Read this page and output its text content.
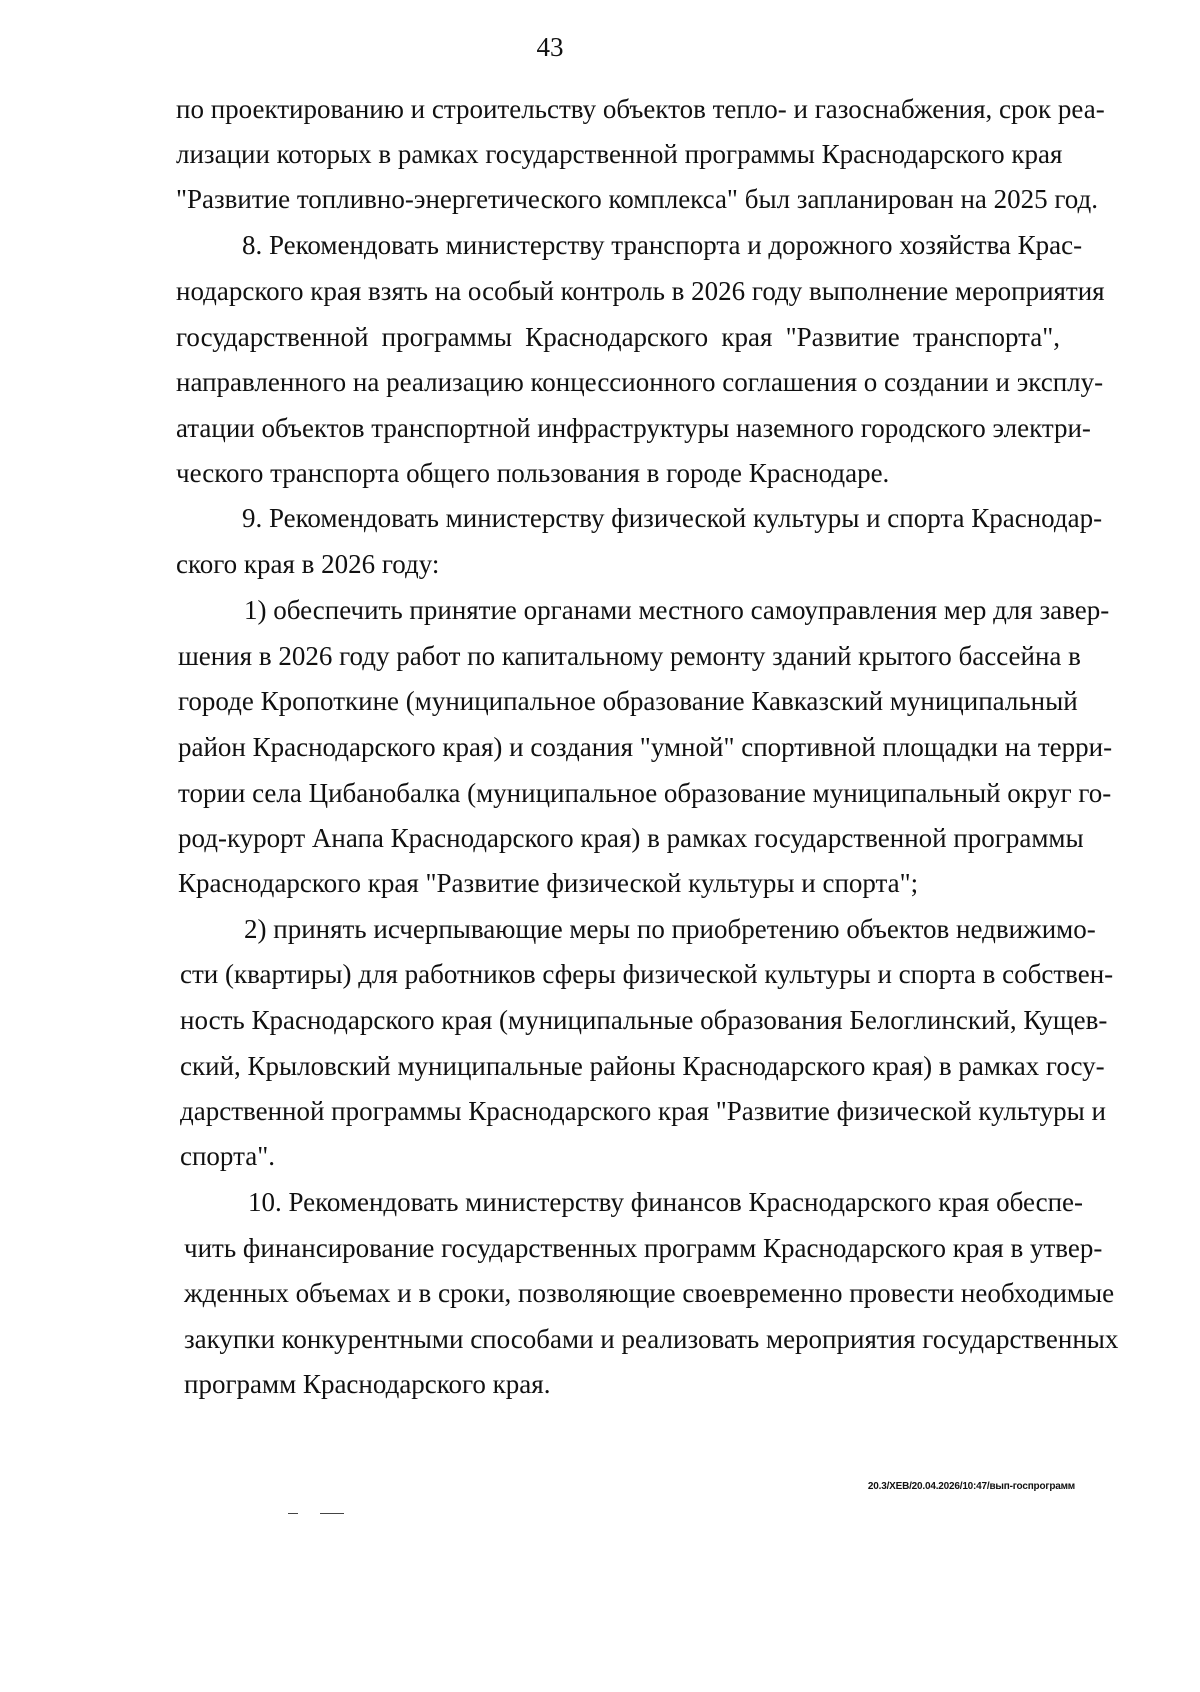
43
по проектированию и строительству объектов тепло- и газоснабжения, срок реа-
лизации которых в рамках государственной программы Краснодарского края
"Развитие топливно-энергетического комплекса" был запланирован на 2025 год.
8. Рекомендовать министерству транспорта и дорожного хозяйства Крас-
нодарского края взять на особый контроль в 2026 году выполнение мероприятия
государственной программы Краснодарского края "Развитие транспорта",
направленного на реализацию концессионного соглашения о создании и эксплу-
атации объектов транспортной инфраструктуры наземного городского электри-
ческого транспорта общего пользования в городе Краснодаре.
9. Рекомендовать министерству физической культуры и спорта Краснодар-
ского края в 2026 году:
1) обеспечить принятие органами местного самоуправления мер для завер-
шения в 2026 году работ по капитальному ремонту зданий крытого бассейна в
городе Кропоткине (муниципальное образование Кавказский муниципальный
район Краснодарского края) и создания "умной" спортивной площадки на терри-
тории села Цибанобалка (муниципальное образование муниципальный округ го-
род-курорт Анапа Краснодарского края) в рамках государственной программы
Краснодарского края "Развитие физической культуры и спорта";
2) принять исчерпывающие меры по приобретению объектов недвижимо-
сти (квартиры) для работников сферы физической культуры и спорта в собствен-
ность Краснодарского края (муниципальные образования Белоглинский, Кущев-
ский, Крыловский муниципальные районы Краснодарского края) в рамках госу-
дарственной программы Краснодарского края "Развитие физической культуры и
спорта".
10. Рекомендовать министерству финансов Краснодарского края обеспе-
чить финансирование государственных программ Краснодарского края в утвер-
жденных объемах и в сроки, позволяющие своевременно провести необходимые
закупки конкурентными способами и реализовать мероприятия государственных
программ Краснодарского края.
20.3/ХЕВ/20.04.2026/10:47/вып-госпрограмм
